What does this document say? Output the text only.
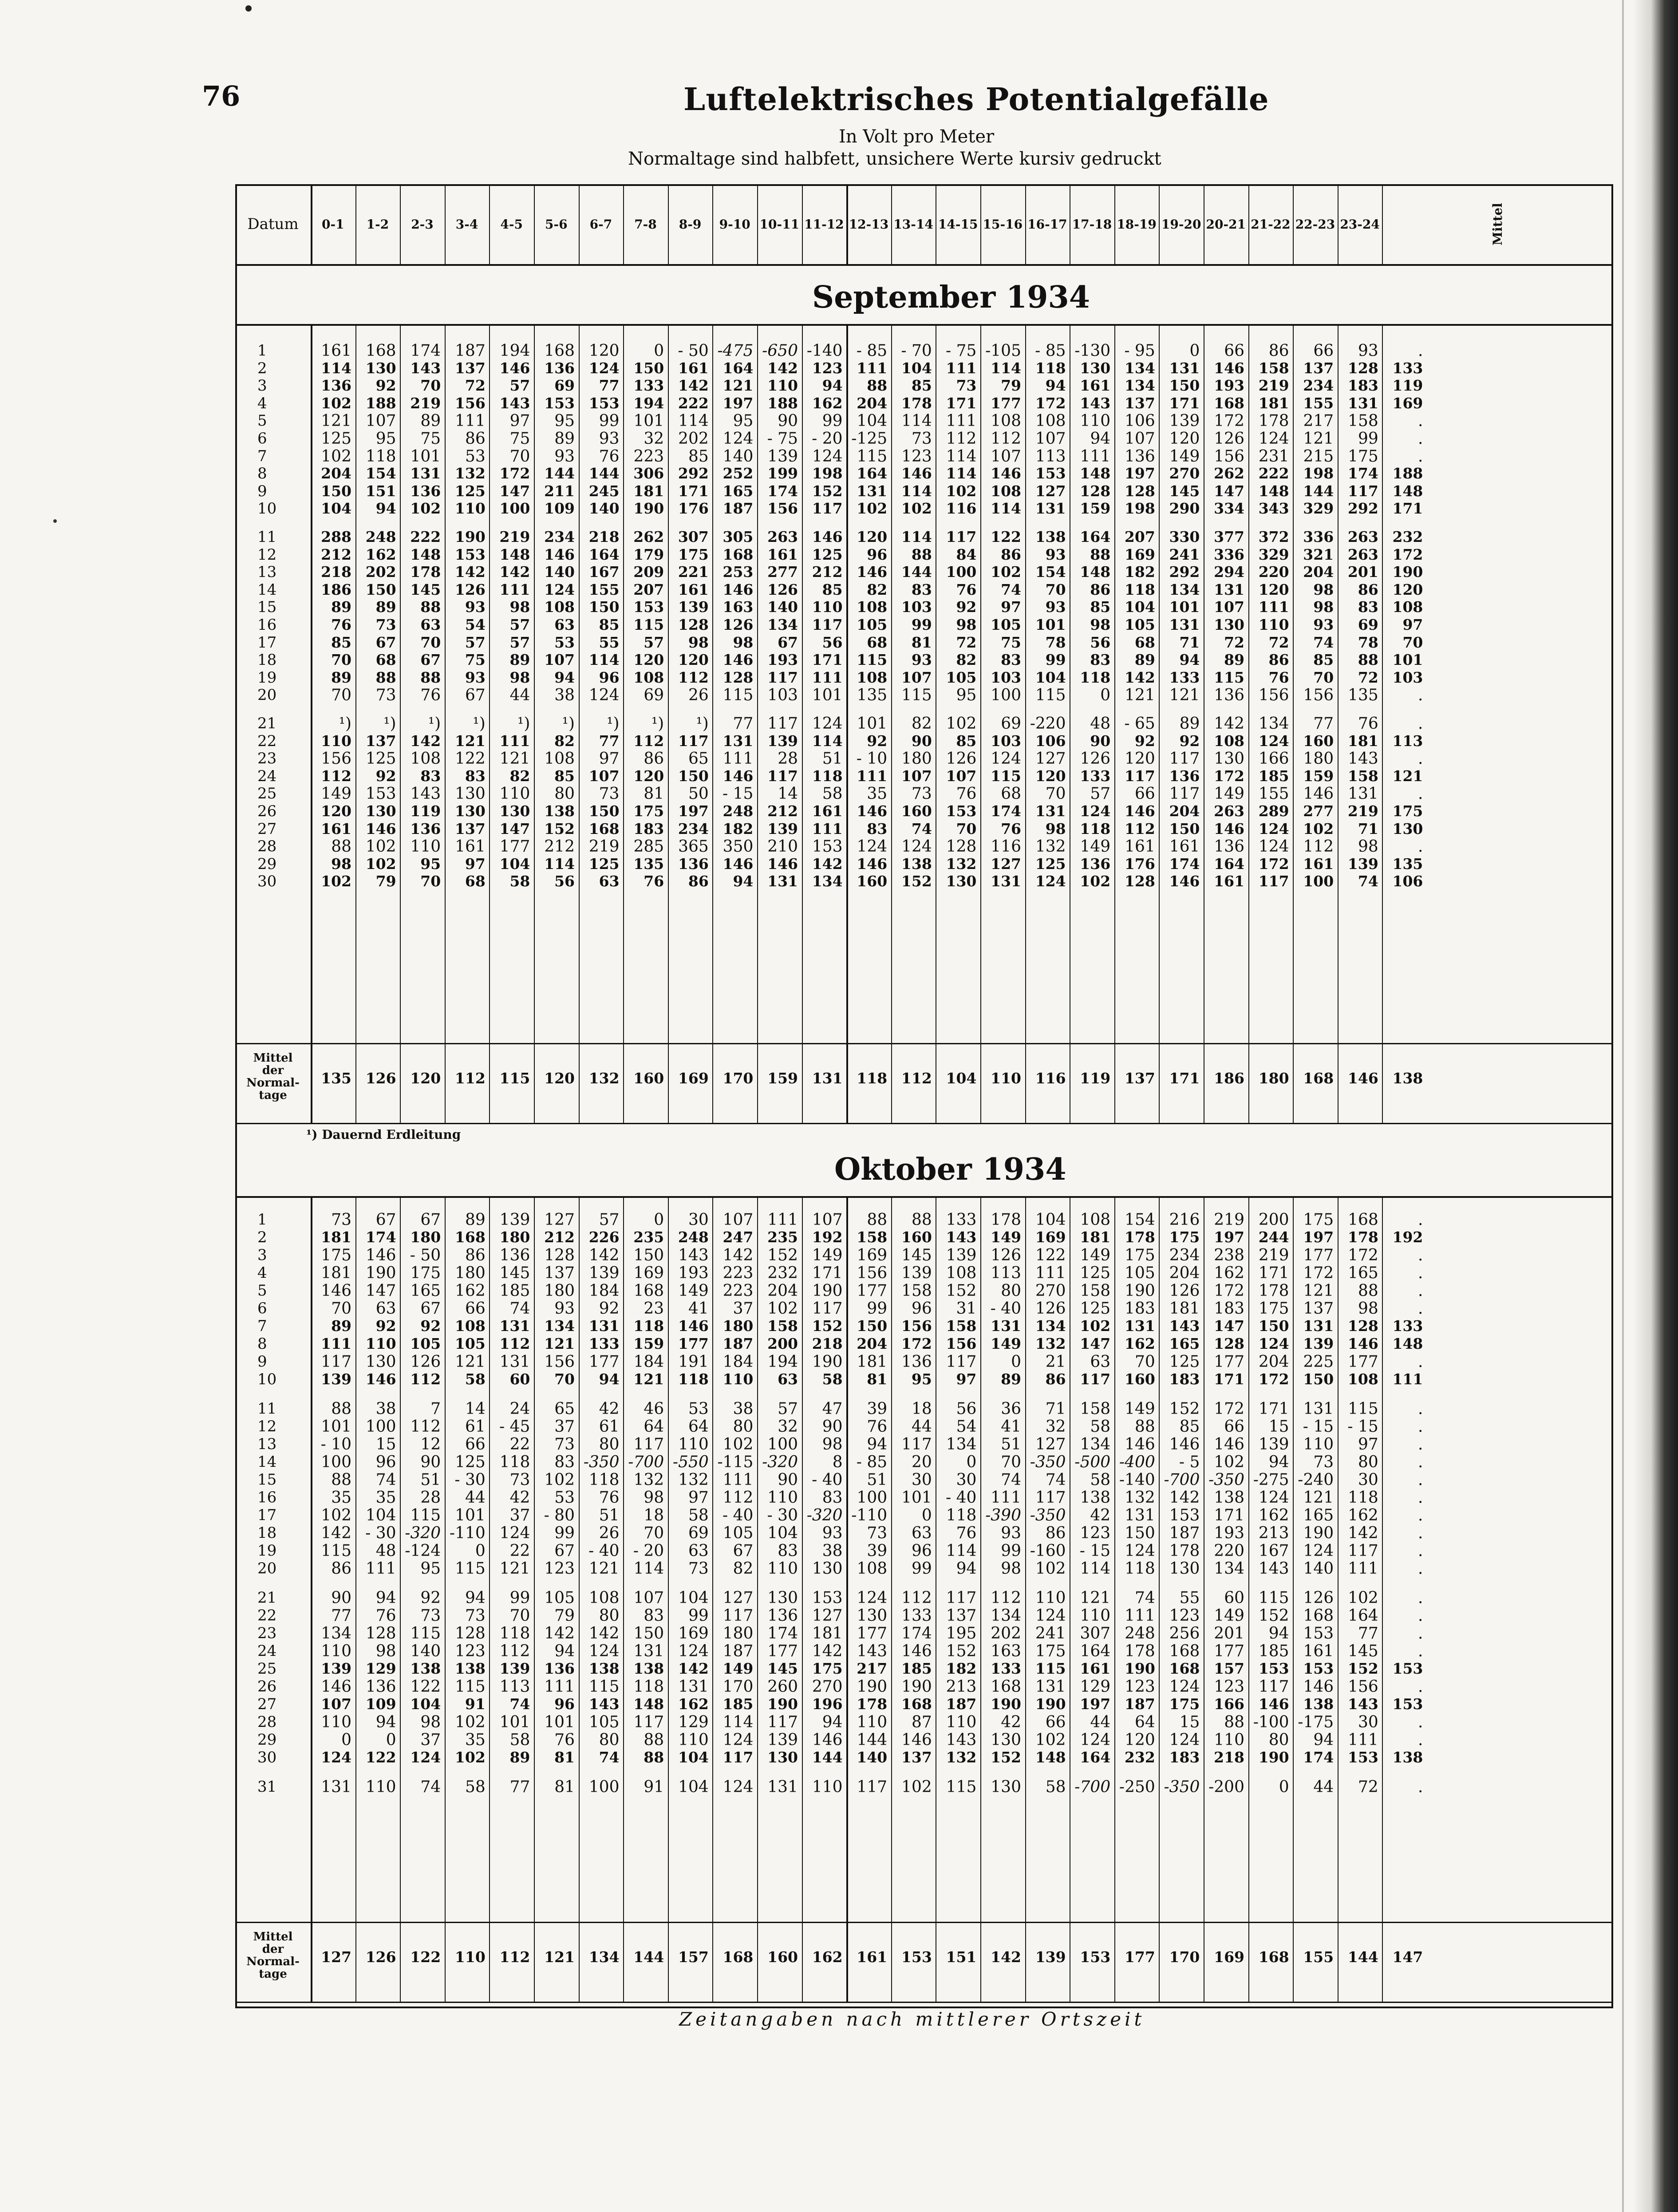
76	Luftelektrisches Potentialgefälle
In Volt pro Meter
Normaltage sind halbfett, unsichere Werte kursiv gedruckt
Datum	0-1	1-2	2-3	3-4	4-5	5-6	6-7	7-8	8-9	9-10 10-11 11-12 12-13 13-14 14-15 15-16 16-17 17-18 18-19 19-20 20-21 21-22 22-23 23-24	Mittel
Zeitangaben nach mittlerer Ortszeit
September 1934
1	161 168 174 187 194 168 120	0 - 50 -475 -650 -140 - 85 - 70 - 75 -105 - 85 -130 - 95	0	66	86	66	93	.
2	114 130 143 137 146 136 124 150 161 164 142 123 111 104 111 114 118 130 134 131 146 158 137 128 133
3	136	92	70	72	57	69	77 133 142 121 110	94	88	85	73	79	94 161 134 150 193 219 234 183 119
4	102 188 219 156 143 153 153 194 222 197 188 162 204 178 171 177 172 143 137 171 168 181 155 131 169
5	121 107	89 111	97	95	99 101 114	95	90	99 104 114 111 108 108 110 106 139 172 178 217 158	.
6	125	95	75	86	75	89	93	32 202 124 - 75 - 20 -125	73 112 112 107	94 107 120 126 124 121	99	.
7	102 118 101	53	70	93	76 223	85 140 139 124 115 123 114 107 113 111 136 149 156 231 215 175	.
8	204 154 131 132 172 144 144 306 292 252 199 198 164 146 114 146 153 148 197 270 262 222 198 174 188
9	150 151 136 125 147 211 245 181 171 165 174 152 131 114 102 108 127 128 128 145 147 148 144 117 148
10	104	94 102 110 100 109 140 190 176 187 156 117 102 102 116 114 131 159 198 290 334 343 329 292 171
11	288 248 222 190 219 234 218 262 307 305 263 146 120 114 117 122 138 164 207 330 377 372 336 263 232
12	212 162 148 153 148 146 164 179 175 168 161 125	96	88	84	86	93	88 169 241 336 329 321 263 172
13	218 202 178 142 142 140 167 209 221 253 277 212 146 144 100 102 154 148 182 292 294 220 204 201 190
14	186 150 145 126 111 124 155 207 161 146 126	85	82	83	76	74	70	86 118 134 131 120	98	86 120
15	89	89	88	93	98 108 150 153 139 163 140 110 108 103	92	97	93	85 104 101 107 111	98	83 108
16	76	73	63	54	57	63	85 115 128 126 134 117 105	99	98 105 101	98 105 131 130 110	93	69	97
17	85	67	70	57	57	53	55	57	98	98	67	56	68	81	72	75	78	56	68	71	72	72	74	78	70
18	70	68	67	75	89 107 114 120 120 146 193 171 115	93	82	83	99	83	89	94	89	86	85	88 101
19	89	88	88	93	98	94	96 108 112 128 117 111 108 107 105 103 104 118 142 133 115	76	70	72 103
20	70	73	76	67	44	38 124	69	26 115 103 101 135 115	95 100 115	0 121 121 136 156 156 135	.
21	¹)	¹)	¹)	¹)	¹)	¹)	¹)	¹)	¹)	77 117 124 101	82 102	69 -220	48 - 65	89 142 134	77	76	.
22	110 137 142 121 111	82	77 112 117 131 139 114	92	90	85 103 106	90	92	92 108 124 160 181 113
23	156 125 108 122 121 108	97	86	65 111	28	51 - 10 180 126 124 127 126 120 117 130 166 180 143	.
24	112	92	83	83	82	85 107 120 150 146 117 118 111 107 107 115 120 133 117 136 172 185 159 158 121
25	149 153 143 130 110	80	73	81	50 - 15	14	58	35	73	76	68	70	57	66 117 149 155 146 131	.
26	120 130 119 130 130 138 150 175 197 248 212 161 146 160 153 174 131 124 146 204 263 289 277 219 175
27	161 146 136 137 147 152 168 183 234 182 139 111	83	74	70	76	98 118 112 150 146 124 102	71 130
28	88 102 110 161 177 212 219 285 365 350 210 153 124 124 128 116 132 149 161 161 136 124 112	98	.
29	98 102	95	97 104 114 125 135 136 146 146 142 146 138 132 127 125 136 176 174 164 172 161 139 135
30	102	79	70	68	58	56	63	76	86	94 131 134 160 152 130 131 124 102 128 146 161 117 100	74 106
Mittel der Normal-tage
135 126 120 112 115 120 132 160 169 170 159 131 118 112 104 110 116 119 137 171 186 180 168 146 138
¹) Dauernd Erdleitung
Oktober 1934
1	73	67	67	89 139 127	57	0	30 107 111 107	88	88 133 178 104 108 154 216 219 200 175 168	.
2	181 174 180 168 180 212 226 235 248 247 235 192 158 160 143 149 169 181 178 175 197 244 197 178 192
3	175 146 - 50	86 136 128 142 150 143 142 152 149 169 145 139 126 122 149 175 234 238 219 177 172	.
4	181 190 175 180 145 137 139 169 193 223 232 171 156 139 108 113 111 125 105 204 162 171 172 165	.
5	146 147 165 162 185 180 184 168 149 223 204 190 177 158 152	80 270 158 190 126 172 178 121	88	.
6	70	63	67	66	74	93	92	23	41	37 102 117	99	96	31 - 40 126 125 183 181 183 175 137	98	.
7	89	92	92 108 131 134 131 118 146 180 158 152 150 156 158 131 134 102 131 143 147 150 131 128 133
8	111 110 105 105 112 121 133 159 177 187 200 218 204 172 156 149 132 147 162 165 128 124 139 146 148
9	117 130 126 121 131 156 177 184 191 184 194 190 181 136 117	0	21	63	70 125 177 204 225 177	.
10	139 146 112	58	60	70	94 121 118 110	63	58	81	95	97	89	86 117 160 183 171 172 150 108 111
11	88	38	7	14	24	65	42	46	53	38	57	47	39	18	56	36	71 158 149 152 172 171 131 115	.
12	101 100 112	61 - 45	37	61	64	64	80	32	90	76	44	54	41	32	58	88	85	66	15 - 15 - 15	.
13	- 10	15	12	66	22	73	80 117 110 102 100	98	94 117 134	51 127 134 146 146 146 139 110	97	.
14	100	96	90 125 118	83 -350 -700 -550 -115 -320	8 - 85	20	0	70 -350 -500 -400	- 5 102	94	73	80	.
15	88	74	51 - 30	73 102 118 132 132 111	90 - 40	51	30	30	74	74	58 -140 -700 -350 -275 -240	30	.
16	35	35	28	44	42	53	76	98	97 112 110	83 100 101 - 40 111 117 138 132 142 138 124 121 118	.
17	102 104 115 101	37 - 80	51	18	58 - 40 - 30 -320 -110	0 118 -390 -350	42 131 153 171 162 165 162	.
18	142 - 30 -320 -110 124	99	26	70	69 105 104	93	73	63	76	93	86 123 150 187 193 213 190 142	.
19	115	48 -124	0	22	67 - 40 - 20	63	67	83	38	39	96 114	99 -160 - 15 124 178 220 167 124 117	.
20	86 111	95 115 121 123 121 114	73	82 110 130 108	99	94	98 102 114 118 130 134 143 140 111	.
21	90	94	92	94	99 105 108 107 104 127 130 153 124 112 117 112 110 121	74	55	60 115 126 102	.
22	77	76	73	73	70	79	80	83	99 117 136 127 130 133 137 134 124 110 111 123 149 152 168 164	.
23	134 128 115 128 118 142 142 150 169 180 174 181 177 174 195 202 241 307 248 256 201	94 153	77	.
24	110	98 140 123 112	94 124 131 124 187 177 142 143 146 152 163 175 164 178 168 177 185 161 145	.
25	139 129 138 138 139 136 138 138 142 149 145 175 217 185 182 133 115 161 190 168 157 153 153 152 153
26	146 136 122 115 113 111 115 118 131 170 260 270 190 190 213 168 131 129 123 124 123 117 146 156	.
27	107 109 104	91	74	96 143 148 162 185 190 196 178 168 187 190 190 197 187 175 166 146 138 143 153
28	110	94	98 102 101 101 105 117 129 114 117	94 110	87 110	42	66	44	64	15	88 -100 -175	30	.
29	0	0	37	35	58	76	80	88 110 124 139 146 144 146 143 130 102 124 120 124 110	80	94 111	.
30	124 122 124 102	89	81	74	88 104 117 130 144 140 137 132 152 148 164 232 183 218 190 174 153 138
31	131 110	74	58	77	81 100	91 104 124 131 110 117 102 115 130	58 -700 -250 -350 -200	0	44	72	.
Mittel der Normal-tage
127 126 122 110 112 121 134 144 157 168 160 162 161 153 151 142 139 153 177 170 169 168 155 144 147
